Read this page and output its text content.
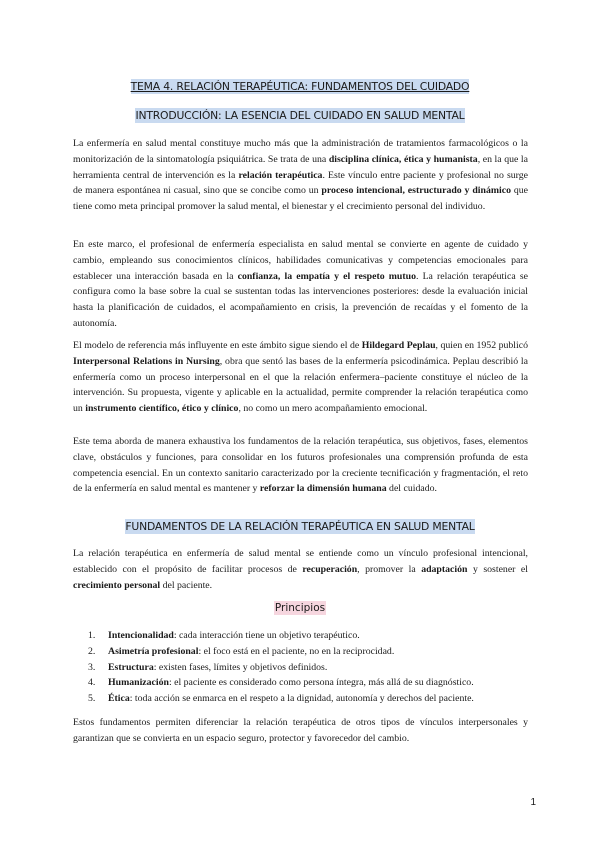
TEMA 4. RELACIÓN TERAPÉUTICA: FUNDAMENTOS DEL CUIDADO
INTRODUCCIÓN: LA ESENCIA DEL CUIDADO EN SALUD MENTAL

La enfermería en salud mental constituye mucho más que la administración de tratamientos farmacológicos o la monitorización de la sintomatología psiquiátrica. Se trata de una disciplina clínica, ética y humanista, en la que la herramienta central de intervención es la relación terapéutica. Este vínculo entre paciente y profesional no surge de manera espontánea ni casual, sino que se concibe como un proceso intencional, estructurado y dinámico que tiene como meta principal promover la salud mental, el bienestar y el crecimiento personal del individuo.

En este marco, el profesional de enfermería especialista en salud mental se convierte en agente de cuidado y cambio, empleando sus conocimientos clínicos, habilidades comunicativas y competencias emocionales para establecer una interacción basada en la confianza, la empatía y el respeto mutuo. La relación terapéutica se configura como la base sobre la cual se sustentan todas las intervenciones posteriores: desde la evaluación inicial hasta la planificación de cuidados, el acompañamiento en crisis, la prevención de recaídas y el fomento de la autonomía.

El modelo de referencia más influyente en este ámbito sigue siendo el de Hildegard Peplau, quien en 1952 publicó Interpersonal Relations in Nursing, obra que sentó las bases de la enfermería psicodinámica. Peplau describió la enfermería como un proceso interpersonal en el que la relación enfermera–paciente constituye el núcleo de la intervención. Su propuesta, vigente y aplicable en la actualidad, permite comprender la relación terapéutica como un instrumento científico, ético y clínico, no como un mero acompañamiento emocional.

Este tema aborda de manera exhaustiva los fundamentos de la relación terapéutica, sus objetivos, fases, elementos clave, obstáculos y funciones, para consolidar en los futuros profesionales una comprensión profunda de esta competencia esencial. En un contexto sanitario caracterizado por la creciente tecnificación y fragmentación, el reto de la enfermería en salud mental es mantener y reforzar la dimensión humana del cuidado.

FUNDAMENTOS DE LA RELACIÓN TERAPÉUTICA EN SALUD MENTAL

La relación terapéutica en enfermería de salud mental se entiende como un vínculo profesional intencional, establecido con el propósito de facilitar procesos de recuperación, promover la adaptación y sostener el crecimiento personal del paciente.

Principios
1. Intencionalidad: cada interacción tiene un objetivo terapéutico.
2. Asimetría profesional: el foco está en el paciente, no en la reciprocidad.
3. Estructura: existen fases, límites y objetivos definidos.
4. Humanización: el paciente es considerado como persona íntegra, más allá de su diagnóstico.
5. Ética: toda acción se enmarca en el respeto a la dignidad, autonomía y derechos del paciente.

Estos fundamentos permiten diferenciar la relación terapéutica de otros tipos de vínculos interpersonales y garantizan que se convierta en un espacio seguro, protector y favorecedor del cambio.

1
